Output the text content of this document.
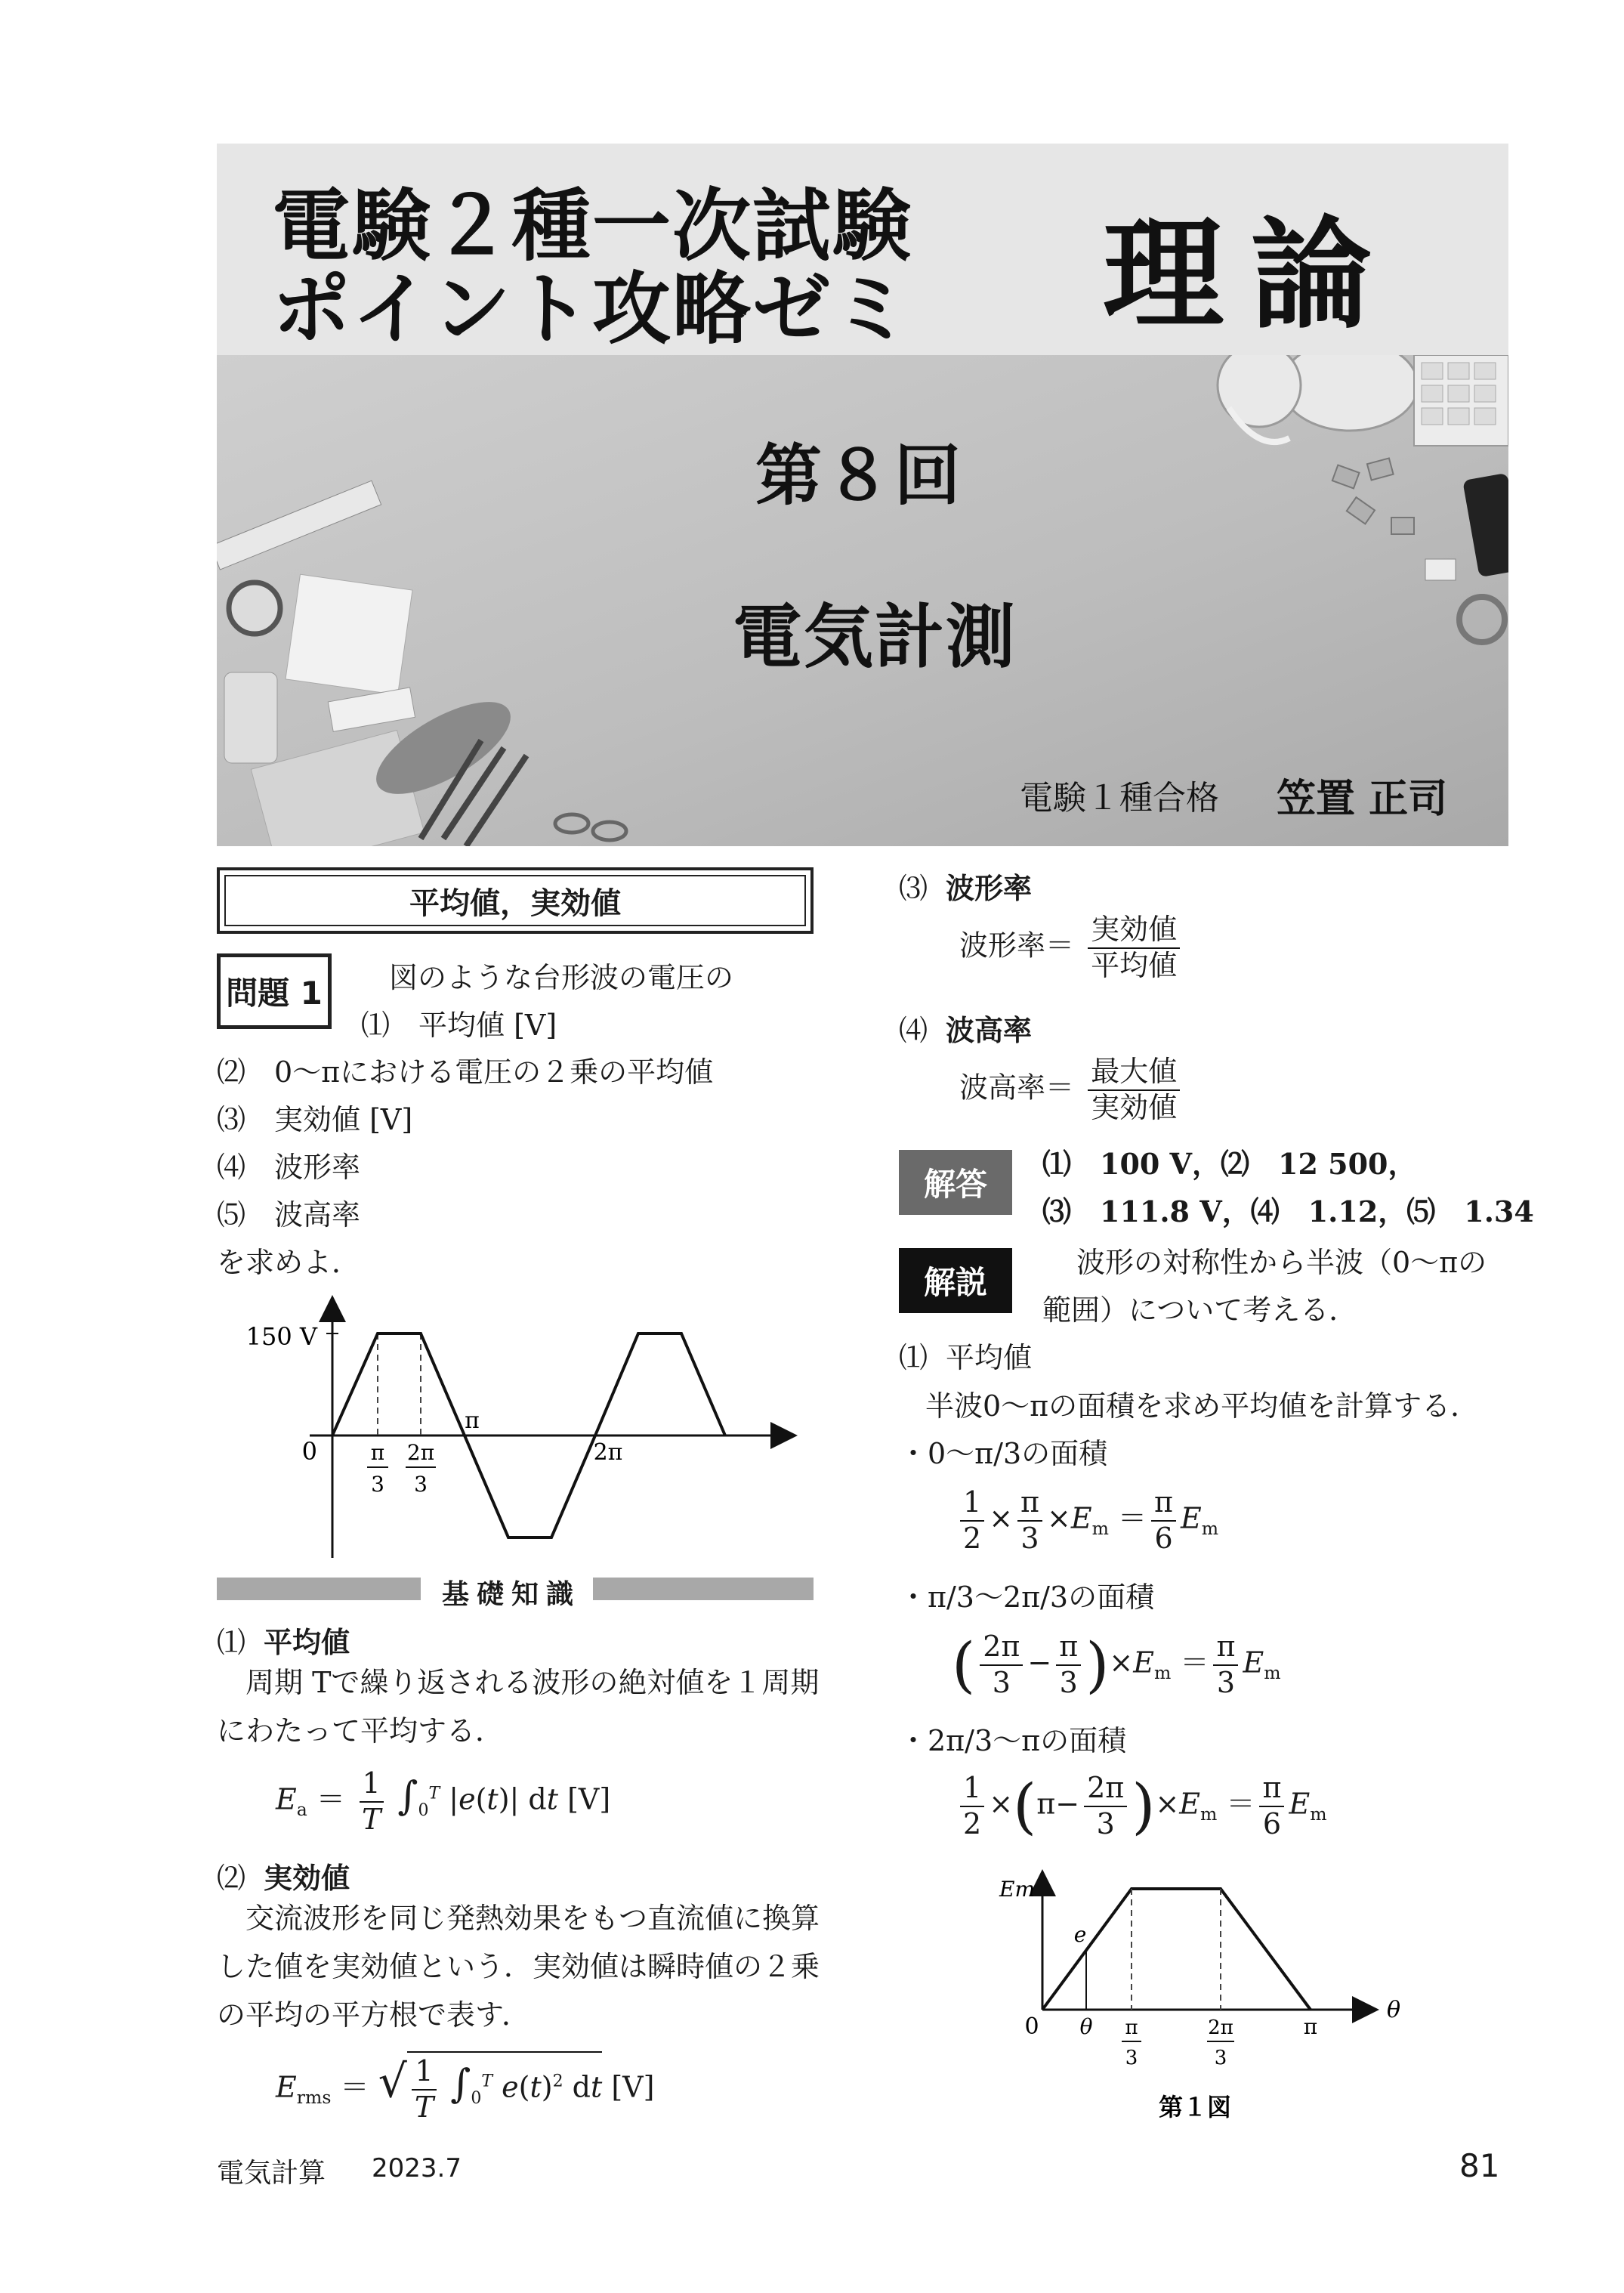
電験２種一次試験
ポイント攻略ゼミ 理論
第８回
電気計測
電験１種合格 笠置 正司
平均値，実効値
問題 1	図のような台形波の電圧の
⑴　平均値 [V]
⑵　0〜πにおける電圧の２乗の平均値
⑶　実効値 [V]
⑷　波形率
⑸　波高率
を求めよ．
150 V
0
π
2π
π
3
2π
3
基礎知識
⑴ 平均値
周期 Tで繰り返される波形の絶対値を１周期
にわたって平均する．
$E_a = \frac{1}{T} \int_0^T$ |e(t)| dt [V]
⑵ 実効値
交流波形を同じ発熱効果をもつ直流値に換算
した値を実効値という．実効値は瞬時値の２乗
の平均の平方根で表す．
$E_{rms}$ ＝ √ $\frac{1}{T} \int_0^T$ $e(t)^2$ dt [V]
⑶ 波形率
波形率＝ $\frac{\text{実効値}}{\text{平均値}}$
⑷ 波高率
波高率＝ $\frac{\text{最大値}}{\text{実効値}}$
解答
⑴　100 V，⑵　12 500，
⑶　111.8 V，⑷　1.12，⑸　1.34
解説
波形の対称性から半波（0〜πの
範囲）について考える．
⑴ 平均値
半波0〜πの面積を求め平均値を計算する．
・0〜π/3の面積
$\frac{1}{2} \times \frac{\pi}{3} \times E_m = \frac{\pi}{6} E_m$
・π/3〜2π/3の面積
( $\frac{2\pi}{3} - \frac{\pi}{3} )\times E_m = \frac{\pi}{3} E_m$
・2π/3〜πの面積
$\frac{1}{2} \times(\pi- \frac{2\pi}{3} )\times E_m = \frac{\pi}{6} E_m$
Em
e
0 θ
θ
π
π
3
2π
3
第１図
電気計算 2023.7	81
